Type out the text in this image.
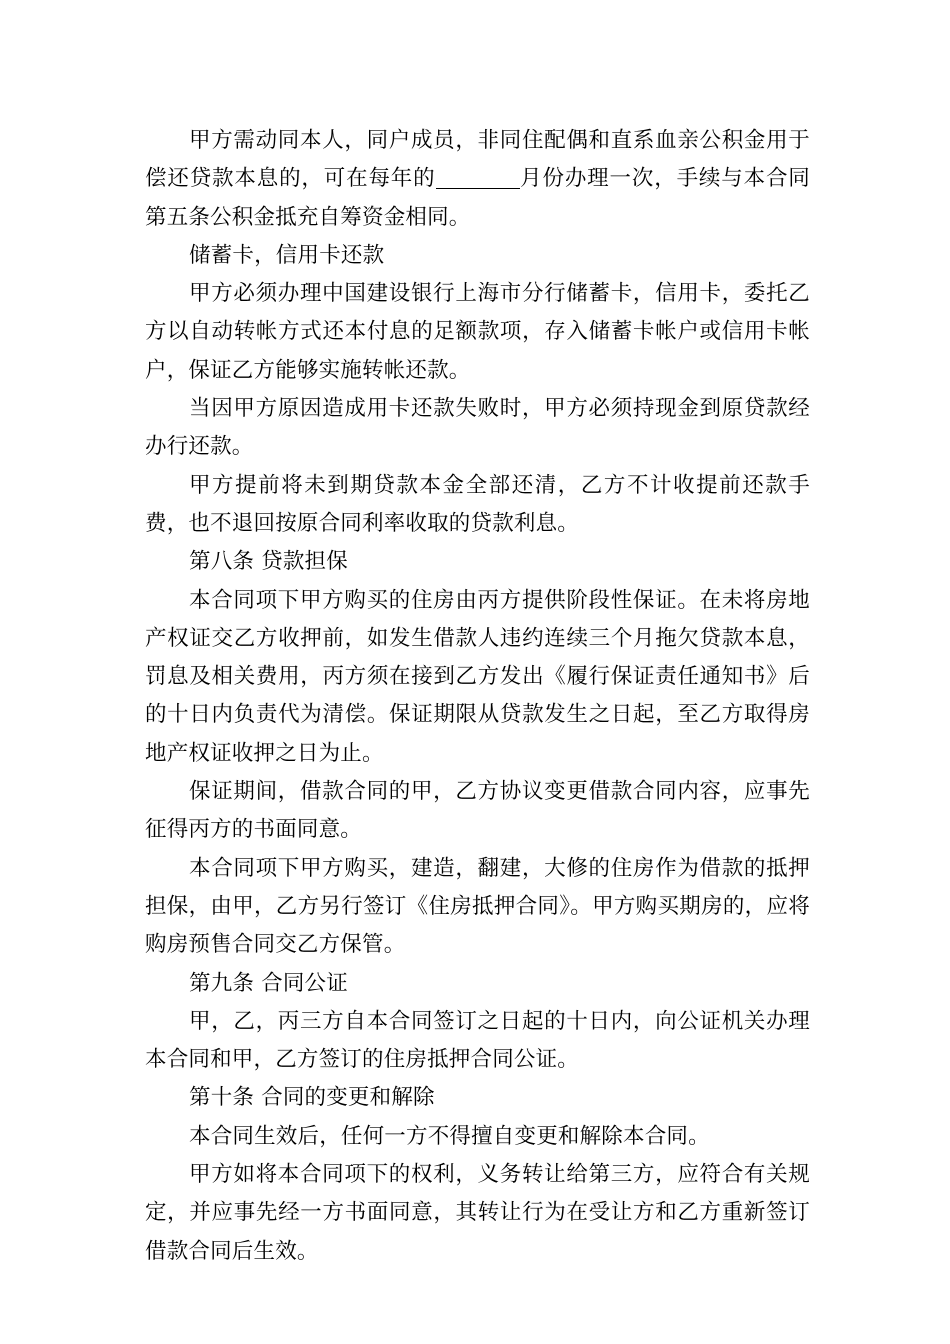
甲方需动同本人，同户成员，非同住配偶和直系血亲公积金用于偿还贷款本息的，可在每年的	月份办理一次，手续与本合同第五条公积金抵充自筹资金相同。

储蓄卡，信用卡还款

甲方必须办理中国建设银行上海市分行储蓄卡，信用卡，委托乙方以自动转帐方式还本付息的足额款项，存入储蓄卡帐户或信用卡帐户，保证乙方能够实施转帐还款。

当因甲方原因造成用卡还款失败时，甲方必须持现金到原贷款经办行还款。

甲方提前将未到期贷款本金全部还清，乙方不计收提前还款手费，也不退回按原合同利率收取的贷款利息。

第八条 贷款担保

本合同项下甲方购买的住房由丙方提供阶段性保证。在未将房地产权证交乙方收押前，如发生借款人违约连续三个月拖欠贷款本息，罚息及相关费用，丙方须在接到乙方发出《履行保证责任通知书》后的十日内负责代为清偿。保证期限从贷款发生之日起，至乙方取得房地产权证收押之日为止。

保证期间，借款合同的甲，乙方协议变更借款合同内容，应事先征得丙方的书面同意。

本合同项下甲方购买，建造，翻建，大修的住房作为借款的抵押担保，由甲，乙方另行签订《住房抵押合同》。甲方购买期房的，应将购房预售合同交乙方保管。

第九条 合同公证

甲，乙，丙三方自本合同签订之日起的十日内，向公证机关办理本合同和甲，乙方签订的住房抵押合同公证。

第十条 合同的变更和解除

本合同生效后，任何一方不得擅自变更和解除本合同。

甲方如将本合同项下的权利，义务转让给第三方，应符合有关规定，并应事先经一方书面同意，其转让行为在受让方和乙方重新签订借款合同后生效。
